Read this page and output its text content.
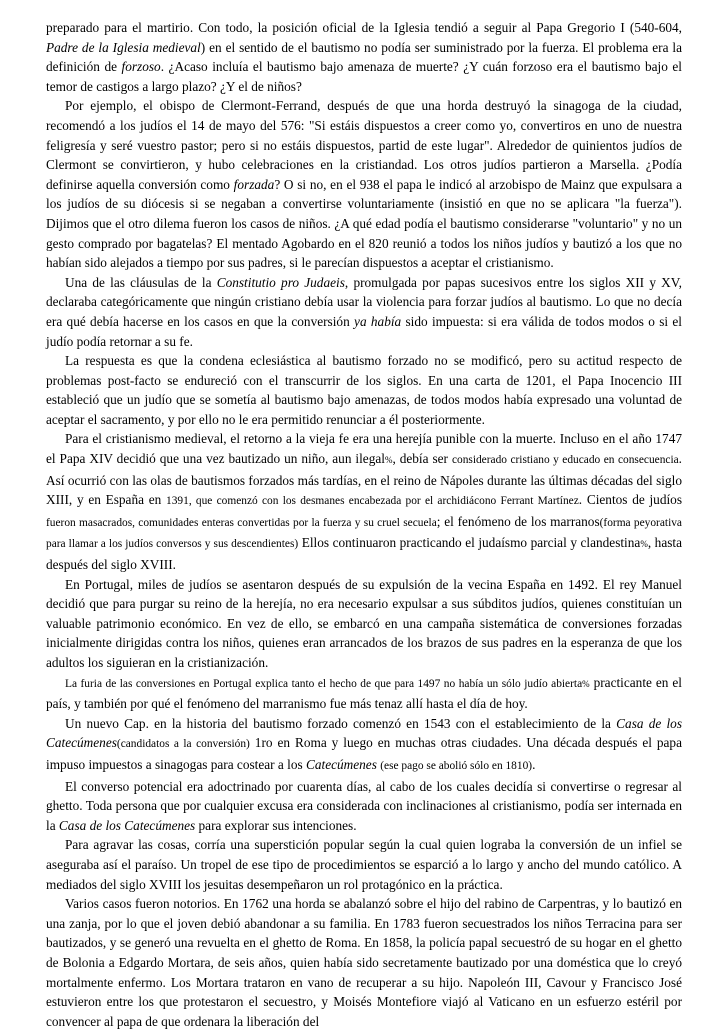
preparado para el martirio. Con todo, la posición oficial de la Iglesia tendió a seguir al Papa Gregorio I (540-604, Padre de la Iglesia medieval) en el sentido de el bautismo no podía ser suministrado por la fuerza. El problema era la definición de forzoso. ¿Acaso incluía el bautismo bajo amenaza de muerte? ¿Y cuán forzoso era el bautismo bajo el temor de castigos a largo plazo? ¿Y el de niños?

Por ejemplo, el obispo de Clermont-Ferrand, después de que una horda destruyó la sinagoga de la ciudad, recomendó a los judíos el 14 de mayo del 576: "Si estáis dispuestos a creer como yo, convertiros en uno de nuestra feligresía y seré vuestro pastor; pero si no estáis dispuestos, partid de este lugar". Alrededor de quinientos judíos de Clermont se convirtieron, y hubo celebraciones en la cristiandad. Los otros judíos partieron a Marsella. ¿Podía definirse aquella conversión como forzada? O si no, en el 938 el papa le indicó al arzobispo de Mainz que expulsara a los judíos de su diócesis si se negaban a convertirse voluntariamente (insistió en que no se aplicara "la fuerza"). Dijimos que el otro dilema fueron los casos de niños. ¿A qué edad podía el bautismo considerarse "voluntario" y no un gesto comprado por bagatelas? El mentado Agobardo en el 820 reunió a todos los niños judíos y bautizó a los que no habían sido alejados a tiempo por sus padres, si le parecían dispuestos a aceptar el cristianismo.

Una de las cláusulas de la Constitutio pro Judaeis, promulgada por papas sucesivos entre los siglos XII y XV, declaraba categóricamente que ningún cristiano debía usar la violencia para forzar judíos al bautismo. Lo que no decía era qué debía hacerse en los casos en que la conversión ya había sido impuesta: si era válida de todos modos o si el judío podía retornar a su fe.

La respuesta es que la condena eclesiástica al bautismo forzado no se modificó, pero su actitud respecto de problemas post-facto se endureció con el transcurrir de los siglos. En una carta de 1201, el Papa Inocencio III estableció que un judío que se sometía al bautismo bajo amenazas, de todos modos había expresado una voluntad de aceptar el sacramento, y por ello no le era permitido renunciar a él posteriormente.

Para el cristianismo medieval, el retorno a la vieja fe era una herejía punible con la muerte. Incluso en el año 1747 el Papa XIV decidió que una vez bautizado un niño, aun ilegal%, debía ser considerado cristiano y educado en consecuencia. Así ocurrió con las olas de bautismos forzados más tardías, en el reino de Nápoles durante las últimas décadas del siglo XIII, y en España en 1391, que comenzó con los desmanes encabezada por el archidiácono Ferrant Martínez. Cientos de judíos fueron masacrados, comunidades enteras convertidas por la fuerza y su cruel secuela; el fenómeno de los marranos(forma peyorativa para llamar a los judíos conversos y sus descendientes) Ellos continuaron practicando el judaísmo parcial y clandestina%, hasta después del siglo XVIII.

En Portugal, miles de judíos se asentaron después de su expulsión de la vecina España en 1492. El rey Manuel decidió que para purgar su reino de la herejía, no era necesario expulsar a sus súbditos judíos, quienes constituían un valuable patrimonio económico. En vez de ello, se embarcó en una campaña sistemática de conversiones forzadas inicialmente dirigidas contra los niños, quienes eran arrancados de los brazos de sus padres en la esperanza de que los adultos los siguieran en la cristianización.

La furia de las conversiones en Portugal explica tanto el hecho de que para 1497 no había un sólo judío abierta% practicante en el país, y también por qué el fenómeno del marranismo fue más tenaz allí hasta el día de hoy.

Un nuevo Cap. en la historia del bautismo forzado comenzó en 1543 con el establecimiento de la Casa de los Catecúmenes(candidatos a la conversión) 1ro en Roma y luego en muchas otras ciudades. Una década después el papa impuso impuestos a sinagogas para costear a los Catecúmenes (ese pago se abolió sólo en 1810).

El converso potencial era adoctrinado por cuarenta días, al cabo de los cuales decidía si convertirse o regresar al ghetto. Toda persona que por cualquier excusa era considerada con inclinaciones al cristianismo, podía ser internada en la Casa de los Catecúmenes para explorar sus intenciones.

Para agravar las cosas, corría una superstición popular según la cual quien lograba la conversión de un infiel se aseguraba así el paraíso. Un tropel de ese tipo de procedimientos se esparció a lo largo y ancho del mundo católico. A mediados del siglo XVIII los jesuitas desempeñaron un rol protagónico en la práctica.

Varios casos fueron notorios. En 1762 una horda se abalanzó sobre el hijo del rabino de Carpentras, y lo bautizó en una zanja, por lo que el joven debió abandonar a su familia. En 1783 fueron secuestrados los niños Terracina para ser bautizados, y se generó una revuelta en el ghetto de Roma. En 1858, la policía papal secuestró de su hogar en el ghetto de Bolonia a Edgardo Mortara, de seis años, quien había sido secretamente bautizado por una doméstica que lo creyó mortalmente enfermo. Los Mortara trataron en vano de recuperar a su hijo. Napoleón III, Cavour y Francisco José estuvieron entre los que protestaron el secuestro, y Moisés Montefiore viajó al Vaticano en un esfuerzo estéril por convencer al papa de que ordenara la liberación del
